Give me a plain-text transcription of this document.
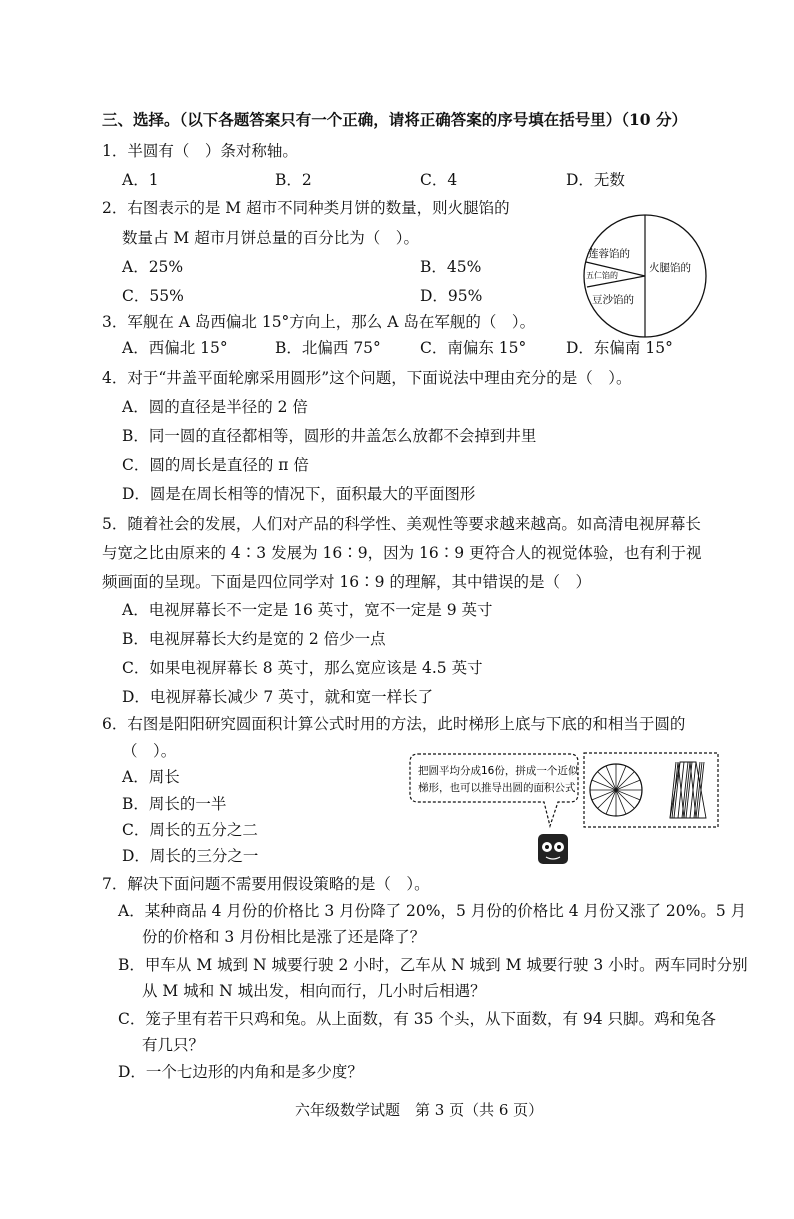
三、选择。（以下各题答案只有一个正确，请将正确答案的序号填在括号里）（10 分）
1．半圆有（　）条对称轴。
A．1	B．2	C．4	D．无数
2．右图表示的是 M 超市不同种类月饼的数量，则火腿馅的
数量占 M 超市月饼总量的百分比为（　）。
A．25%	B．45%
C．55%	D．95%
莲蓉馅的
五仁馅的
豆沙馅的
火腿馅的
3．军舰在 A 岛西偏北 15°方向上，那么 A 岛在军舰的（　）。
A．西偏北 15°	B．北偏西 75°	C．南偏东 15°	D．东偏南 15°
4．对于“井盖平面轮廓采用圆形”这个问题，下面说法中理由充分的是（　）。
A．圆的直径是半径的 2 倍
B．同一圆的直径都相等，圆形的井盖怎么放都不会掉到井里
C．圆的周长是直径的 π 倍
D．圆是在周长相等的情况下，面积最大的平面图形
5．随着社会的发展，人们对产品的科学性、美观性等要求越来越高。如高清电视屏幕长
与宽之比由原来的 4∶3 发展为 16∶9，因为 16∶9 更符合人的视觉体验，也有利于视
频画面的呈现。下面是四位同学对 16∶9 的理解，其中错误的是（　）
A．电视屏幕长不一定是 16 英寸，宽不一定是 9 英寸
B．电视屏幕长大约是宽的 2 倍少一点
C．如果电视屏幕长 8 英寸，那么宽应该是 4.5 英寸
D．电视屏幕长减少 7 英寸，就和宽一样长了
6．右图是阳阳研究圆面积计算公式时用的方法，此时梯形上底与下底的和相当于圆的
（　）。
A．周长
B．周长的一半
C．周长的五分之二
D．周长的三分之一
把圆平均分成16份，拼成一个近似
梯形，也可以推导出圆的面积公式
7．解决下面问题不需要用假设策略的是（　）。
A．某种商品 4 月份的价格比 3 月份降了 20%，5 月份的价格比 4 月份又涨了 20%。5 月
份的价格和 3 月份相比是涨了还是降了？
B．甲车从 M 城到 N 城要行驶 2 小时，乙车从 N 城到 M 城要行驶 3 小时。两车同时分别
从 M 城和 N 城出发，相向而行，几小时后相遇？
C．笼子里有若干只鸡和兔。从上面数，有 35 个头，从下面数，有 94 只脚。鸡和兔各
有几只？
D．一个七边形的内角和是多少度？
六年级数学试题　第 3 页（共 6 页）
